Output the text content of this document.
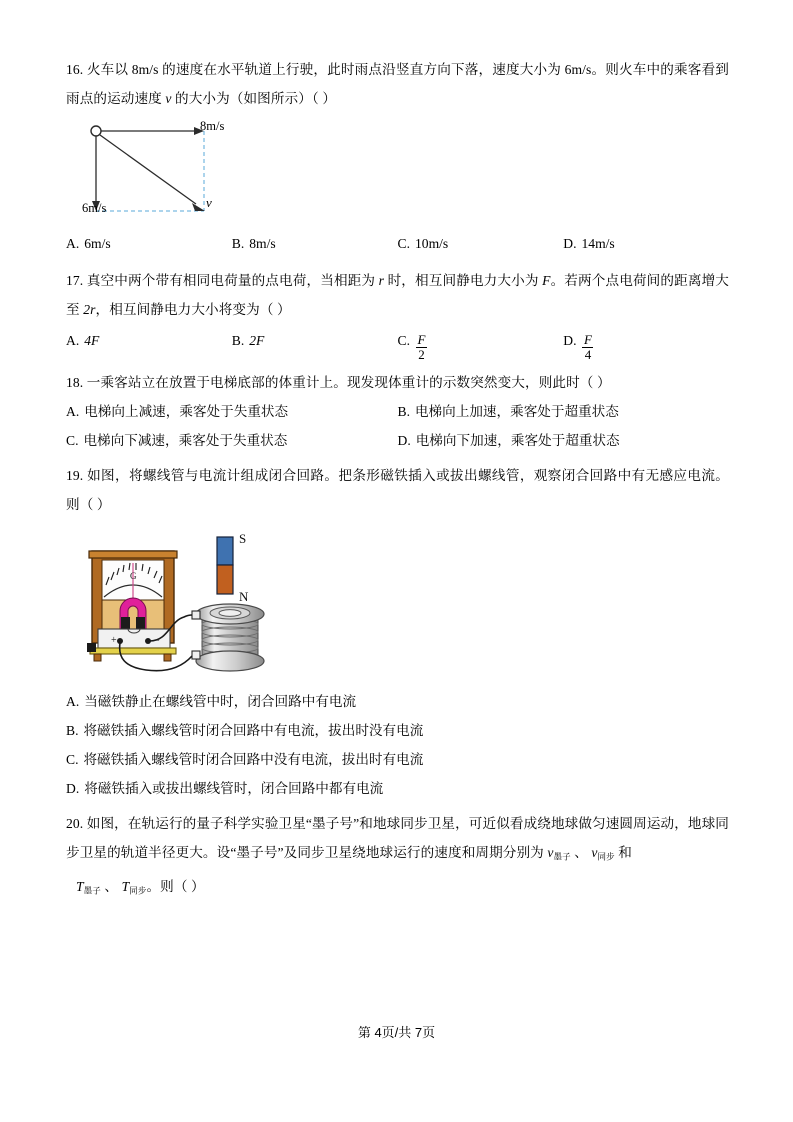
16. 火车以 8m/s 的速度在水平轨道上行驶，此时雨点沿竖直方向下落，速度大小为 6m/s。则火车中的乘客看到雨点的运动速度 v 的大小为（如图所示）（ ）
8m/s
6m/s	v
A. 6m/s	B. 8m/s	C. 10m/s	D. 14m/s
17. 真空中两个带有相同电荷量的点电荷，当相距为 r 时，相互间静电力大小为 F。若两个点电荷间的距离增大至 2r，相互间静电力大小将变为（ ）
A. 4F	B. 2F	C. $\frac{F}{2}$	D. $\frac{F}{4}$
18. 一乘客站立在放置于电梯底部的体重计上。现发现体重计的示数突然变大，则此时（ ）
A. 电梯向上减速，乘客处于失重状态	B. 电梯向上加速，乘客处于超重状态
C. 电梯向下减速，乘客处于失重状态	D. 电梯向下加速，乘客处于超重状态
19. 如图，将螺线管与电流计组成闭合回路。把条形磁铁插入或拔出螺线管，观察闭合回路中有无感应电流。则（ ）
G
+	–
S
N
A. 当磁铁静止在螺线管中时，闭合回路中有电流
B. 将磁铁插入螺线管时闭合回路中有电流，拔出时没有电流
C. 将磁铁插入螺线管时闭合回路中没有电流，拔出时有电流
D. 将磁铁插入或拔出螺线管时，闭合回路中都有电流
20. 如图，在轨运行的量子科学实验卫星“墨子号”和地球同步卫星，可近似看成绕地球做匀速圆周运动，地球同步卫星的轨道半径更大。设“墨子号”及同步卫星绕地球运行的速度和周期分别为 $v_{墨子}$ 、 $v_{同步}$ 和
$T_{墨子}$ 、 $T_{同步}$。则（ ）
第 4页/共 7页
